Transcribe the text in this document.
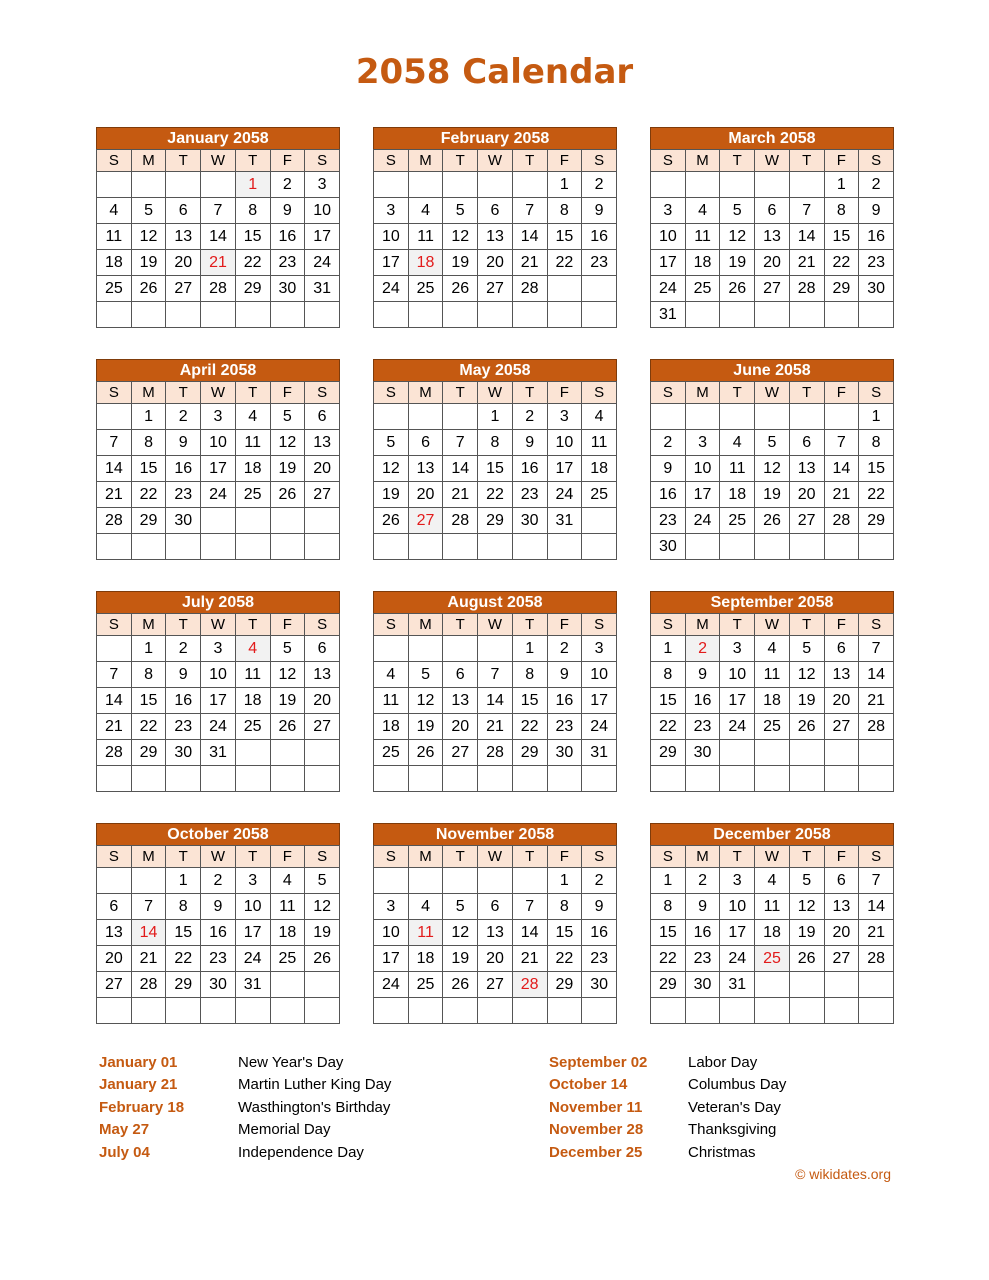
2058 Calendar
January 2058
S	M	T	W	T	F	S
				1	2	3
4	5	6	7	8	9	10
11	12	13	14	15	16	17
18	19	20	21	22	23	24
25	26	27	28	29	30	31

February 2058
S	M	T	W	T	F	S
					1	2
3	4	5	6	7	8	9
10	11	12	13	14	15	16
17	18	19	20	21	22	23
24	25	26	27	28		

March 2058
S	M	T	W	T	F	S
					1	2
3	4	5	6	7	8	9
10	11	12	13	14	15	16
17	18	19	20	21	22	23
24	25	26	27	28	29	30
31						
April 2058
S	M	T	W	T	F	S
	1	2	3	4	5	6
7	8	9	10	11	12	13
14	15	16	17	18	19	20
21	22	23	24	25	26	27
28	29	30				

May 2058
S	M	T	W	T	F	S
			1	2	3	4
5	6	7	8	9	10	11
12	13	14	15	16	17	18
19	20	21	22	23	24	25
26	27	28	29	30	31	

June 2058
S	M	T	W	T	F	S
						1
2	3	4	5	6	7	8
9	10	11	12	13	14	15
16	17	18	19	20	21	22
23	24	25	26	27	28	29
30						
July 2058
S	M	T	W	T	F	S
	1	2	3	4	5	6
7	8	9	10	11	12	13
14	15	16	17	18	19	20
21	22	23	24	25	26	27
28	29	30	31			

August 2058
S	M	T	W	T	F	S
				1	2	3
4	5	6	7	8	9	10
11	12	13	14	15	16	17
18	19	20	21	22	23	24
25	26	27	28	29	30	31

September 2058
S	M	T	W	T	F	S
1	2	3	4	5	6	7
8	9	10	11	12	13	14
15	16	17	18	19	20	21
22	23	24	25	26	27	28
29	30					

October 2058
S	M	T	W	T	F	S
		1	2	3	4	5
6	7	8	9	10	11	12
13	14	15	16	17	18	19
20	21	22	23	24	25	26
27	28	29	30	31		

November 2058
S	M	T	W	T	F	S
					1	2
3	4	5	6	7	8	9
10	11	12	13	14	15	16
17	18	19	20	21	22	23
24	25	26	27	28	29	30

December 2058
S	M	T	W	T	F	S
1	2	3	4	5	6	7
8	9	10	11	12	13	14
15	16	17	18	19	20	21
22	23	24	25	26	27	28
29	30	31				

January 01	New Year's Day
January 21	Martin Luther King Day
February 18	Wasthington's Birthday
May 27	Memorial Day
July 04	Independence Day
September 02	Labor Day
October 14	Columbus Day
November 11	Veteran's Day
November 28	Thanksgiving
December 25	Christmas
© wikidates.org
